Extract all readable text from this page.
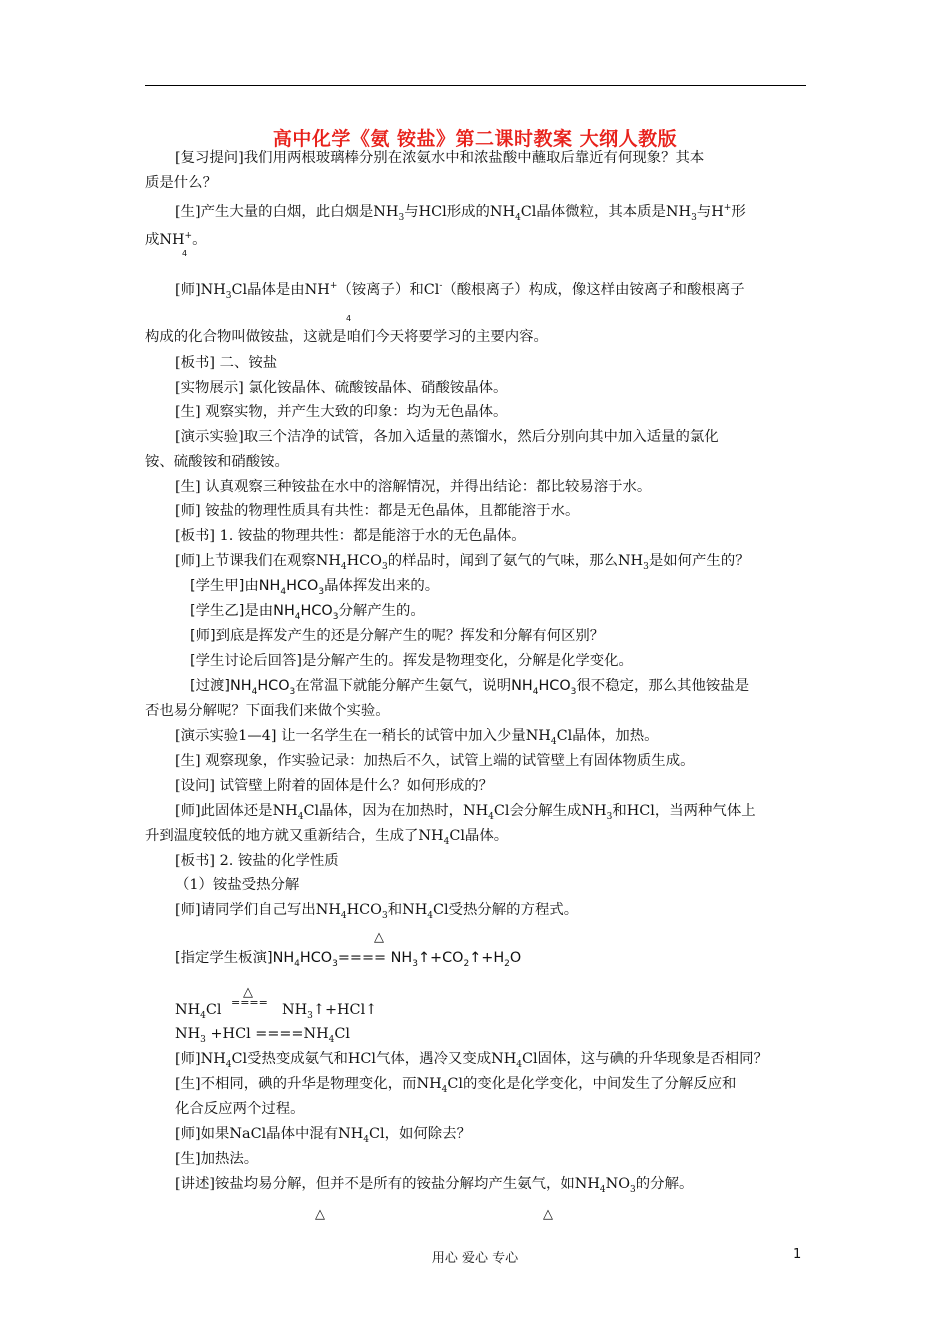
高中化学《氨 铵盐》第二课时教案 大纲人教版
[复习提问]我们用两根玻璃棒分别在浓氨水中和浓盐酸中蘸取后靠近有何现象？其本
质是什么？
[生]产生大量的白烟，此白烟是$NH_3$与HCl形成的$NH_4Cl$晶体微粒，其本质是$NH_3$与H+形
成NH+。
4
[师]$NH_3Cl$晶体是由NH+（铵离子）和Cl-（酸根离子）构成，像这样由铵离子和酸根离子
4
构成的化合物叫做铵盐，这就是咱们今天将要学习的主要内容。
[板书] 二、铵盐
[实物展示] 氯化铵晶体、硫酸铵晶体、硝酸铵晶体。
[生] 观察实物，并产生大致的印象：均为无色晶体。
[演示实验]取三个洁净的试管，各加入适量的蒸馏水，然后分别向其中加入适量的氯化
铵、硫酸铵和硝酸铵。
[生] 认真观察三种铵盐在水中的溶解情况，并得出结论：都比较易溶于水。
[师] 铵盐的物理性质具有共性：都是无色晶体，且都能溶于水。
[板书] 1. 铵盐的物理共性：都是能溶于水的无色晶体。
[师]上节课我们在观察$NH_4HCO_3$的样品时，闻到了氨气的气味，那么$NH_3$是如何产生的？
[学生甲]由$NH_4HCO_3$晶体挥发出来的。
[学生乙]是由$NH_4HCO_3$分解产生的。
[师]到底是挥发产生的还是分解产生的呢？挥发和分解有何区别？
[学生讨论后回答]是分解产生的。挥发是物理变化，分解是化学变化。
[过渡]$NH_4HCO_3$在常温下就能分解产生氨气，说明$NH_4HCO_3$很不稳定，那么其他铵盐是
否也易分解呢？下面我们来做个实验。
[演示实验1—4] 让一名学生在一稍长的试管中加入少量$NH_4Cl$晶体，加热。
[生] 观察现象，作实验记录：加热后不久，试管上端的试管壁上有固体物质生成。
[设问] 试管壁上附着的固体是什么？如何形成的？
[师]此固体还是$NH_4Cl$晶体，因为在加热时，$NH_4Cl$会分解生成$NH_3$和HCl，当两种气体上
升到温度较低的地方就又重新结合，生成了$NH_4Cl$晶体。
[板书] 2. 铵盐的化学性质
（1）铵盐受热分解
[师]请同学们自己写出$NH_4HCO_3$和$NH_4Cl$受热分解的方程式。
△
[指定学生板演]$NH_4HCO_3====$ $NH_3↑+CO_2↑+H_2O$
△
$NH_4Cl$ ==== $NH_3↑+HCl↑$
$NH_3 +HCl ====NH_4Cl$
[师]$NH_4Cl$受热变成氨气和HCl气体，遇冷又变成$NH_4Cl$固体，这与碘的升华现象是否相同？
[生]不相同，碘的升华是物理变化，而$NH_4Cl$的变化是化学变化，中间发生了分解反应和
化合反应两个过程。
[师]如果NaCl晶体中混有$NH_4Cl$，如何除去？
[生]加热法。
[讲述]铵盐均易分解，但并不是所有的铵盐分解均产生氨气，如$NH_4NO_3$的分解。
△	△
用心 爱心 专心	1
